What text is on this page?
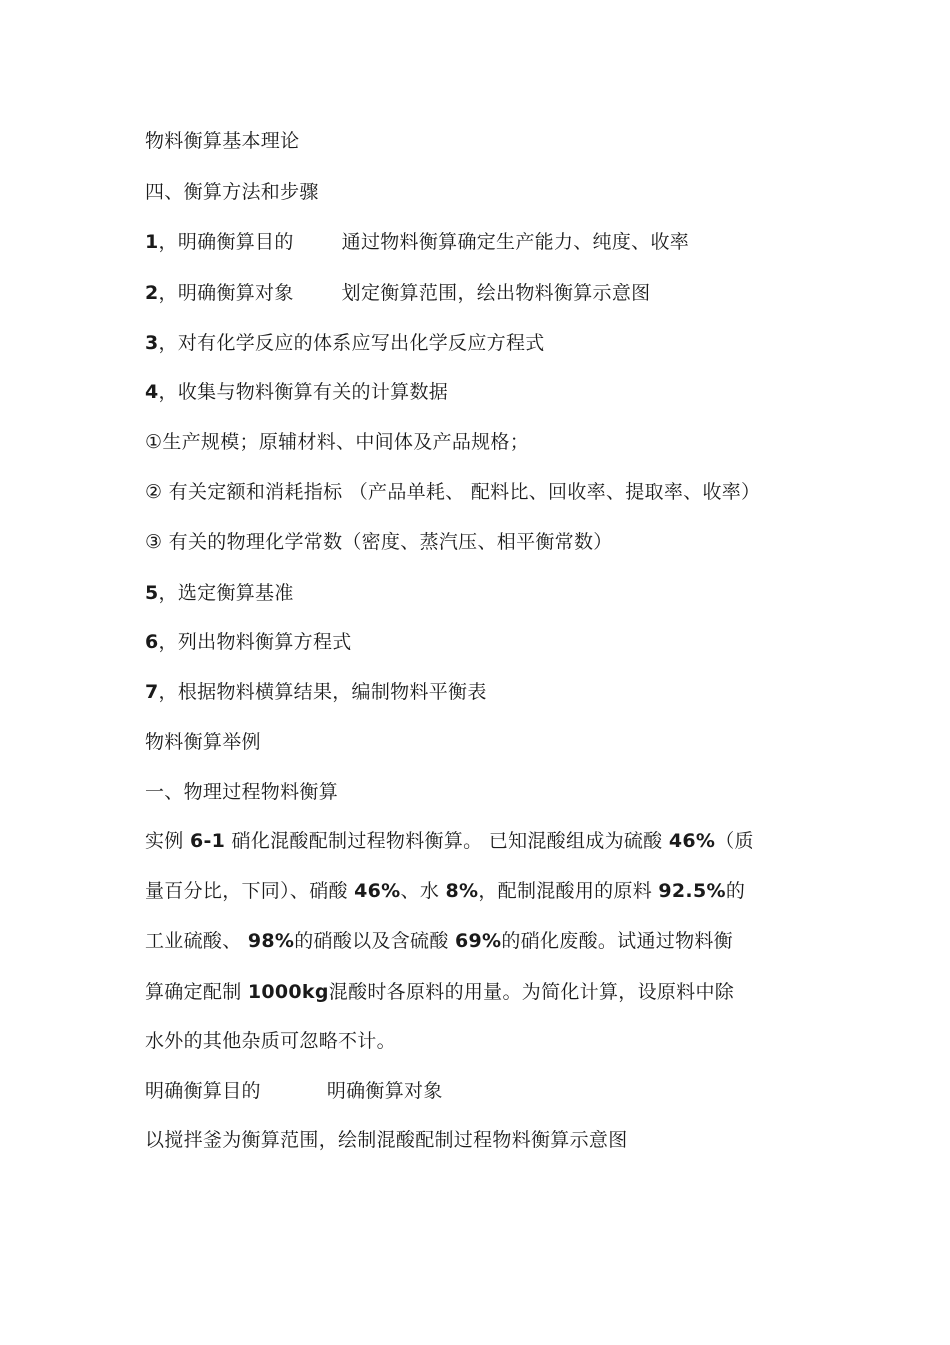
物料衡算基本理论
四、衡算方法和步骤
1，明确衡算目的	通过物料衡算确定生产能力、纯度、收率
2，明确衡算对象	划定衡算范围，绘出物料衡算示意图
3，对有化学反应的体系应写出化学反应方程式
4，收集与物料衡算有关的计算数据
①生产规模；原辅材料、中间体及产品规格；
② 有关定额和消耗指标 （产品单耗、 配料比、回收率、提取率、收率）
③ 有关的物理化学常数（密度、蒸汽压、相平衡常数）
5，选定衡算基准
6，列出物料衡算方程式
7，根据物料横算结果，编制物料平衡表
物料衡算举例
一、物理过程物料衡算
实例 6-1 硝化混酸配制过程物料衡算。 已知混酸组成为硫酸 46%（质
量百分比，下同）、硝酸 46%、水 8%，配制混酸用的原料 92.5%的
工业硫酸、 98%的硝酸以及含硫酸 69%的硝化废酸。试通过物料衡
算确定配制 1000kg混酸时各原料的用量。为简化计算，设原料中除
水外的其他杂质可忽略不计。
明确衡算目的	明确衡算对象
以搅拌釜为衡算范围，绘制混酸配制过程物料衡算示意图
